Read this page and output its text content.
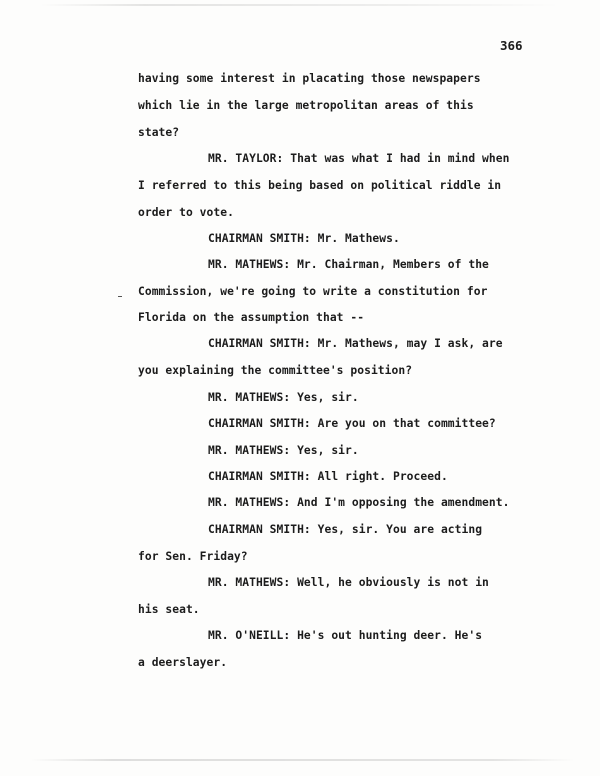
366
having some interest in placating those newspapers
which lie in the large metropolitan areas of this
state?
MR. TAYLOR: That was what I had in mind when
I referred to this being based on political riddle in
order to vote.
CHAIRMAN SMITH: Mr. Mathews.
MR. MATHEWS: Mr. Chairman, Members of the
Commission, we're going to write a constitution for
Florida on the assumption that --
CHAIRMAN SMITH: Mr. Mathews, may I ask, are
you explaining the committee's position?
MR. MATHEWS: Yes, sir.
CHAIRMAN SMITH: Are you on that committee?
MR. MATHEWS: Yes, sir.
CHAIRMAN SMITH: All right. Proceed.
MR. MATHEWS: And I'm opposing the amendment.
CHAIRMAN SMITH: Yes, sir. You are acting
for Sen. Friday?
MR. MATHEWS: Well, he obviously is not in
his seat.
MR. O'NEILL: He's out hunting deer. He's
a deerslayer.
